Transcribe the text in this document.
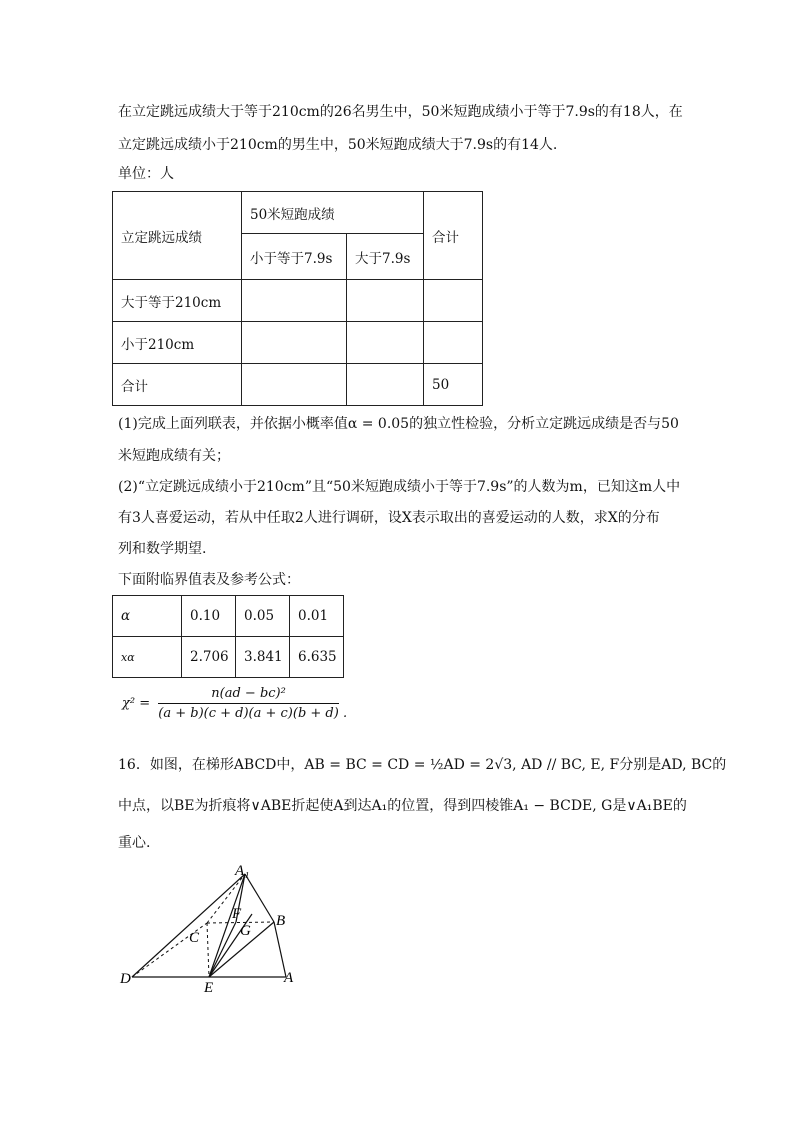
在立定跳远成绩大于等于210cm的26名男生中，50米短跑成绩小于等于7.9s的有18人，在
立定跳远成绩小于210cm的男生中，50米短跑成绩大于7.9s的有14人.
单位：人
立定跳远成绩	50米短跑成绩		合计
	小于等于7.9s	大于7.9s	
大于等于210cm			
小于210cm			
合计			50
(1)完成上面列联表，并依据小概率值α = 0.05的独立性检验，分析立定跳远成绩是否与50
米短跑成绩有关；
(2)“立定跳远成绩小于210cm”且“50米短跑成绩小于等于7.9s”的人数为m，已知这m人中
有3人喜爱运动，若从中任取2人进行调研，设X表示取出的喜爱运动的人数，求X的分布
列和数学期望.
下面附临界值表及参考公式：
α	0.10	0.05	0.01
xα	2.706	3.841	6.635
$\chi^2 = \frac{\text{n(ad − bc)²}}{(a + b)(c + d)(a + c)(b + d)}$ .
16．如图，在梯形ABCD中，AB = BC = CD = ½AD = 2√3, AD // BC, E, F分别是AD, BC的
中点，以BE为折痕将∨ABE折起使A到达A₁的位置，得到四棱锥A₁ − BCDE, G是∨A₁BE的
重心.
A₁
F B
C	G
D
E
A
